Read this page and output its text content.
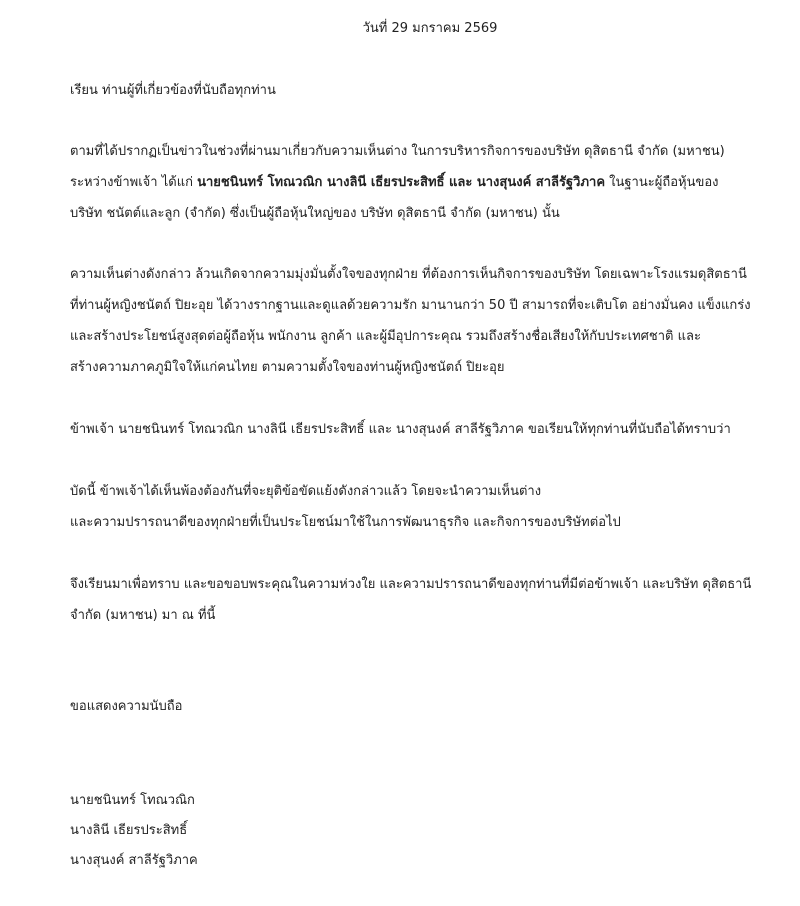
วันที่ 29 มกราคม 2569
เรียน ท่านผู้ที่เกี่ยวข้องที่นับถือทุกท่าน
ตามที่ได้ปรากฏเป็นข่าวในช่วงที่ผ่านมาเกี่ยวกับความเห็นต่าง ในการบริหารกิจการของบริษัท ดุสิตธานี จำกัด (มหาชน)
ระหว่างข้าพเจ้า ได้แก่ นายชนินทร์ โทณวณิก นางลินี เธียรประสิทธิ์ และ นางสุนงค์ สาลีรัฐวิภาค ในฐานะผู้ถือหุ้นของ
บริษัท ชนัตต์และลูก (จำกัด) ซึ่งเป็นผู้ถือหุ้นใหญ่ของ บริษัท ดุสิตธานี จำกัด (มหาชน) นั้น
ความเห็นต่างดังกล่าว ล้วนเกิดจากความมุ่งมั่นตั้งใจของทุกฝ่าย ที่ต้องการเห็นกิจการของบริษัท โดยเฉพาะโรงแรมดุสิตธานี
ที่ท่านผู้หญิงชนัตถ์ ปิยะอุย ได้วางรากฐานและดูแลด้วยความรัก มานานกว่า 50 ปี สามารถที่จะเติบโต อย่างมั่นคง แข็งแกร่ง
และสร้างประโยชน์สูงสุดต่อผู้ถือหุ้น พนักงาน ลูกค้า และผู้มีอุปการะคุณ รวมถึงสร้างชื่อเสียงให้กับประเทศชาติ และ
สร้างความภาคภูมิใจให้แก่คนไทย ตามความตั้งใจของท่านผู้หญิงชนัตถ์ ปิยะอุย
ข้าพเจ้า นายชนินทร์ โทณวณิก นางลินี เธียรประสิทธิ์ และ นางสุนงค์ สาลีรัฐวิภาค ขอเรียนให้ทุกท่านที่นับถือได้ทราบว่า
บัดนี้ ข้าพเจ้าได้เห็นพ้องต้องกันที่จะยุติข้อขัดแย้งดังกล่าวแล้ว โดยจะนำความเห็นต่าง
และความปรารถนาดีของทุกฝ่ายที่เป็นประโยชน์มาใช้ในการพัฒนาธุรกิจ และกิจการของบริษัทต่อไป
จึงเรียนมาเพื่อทราบ และขอขอบพระคุณในความห่วงใย และความปรารถนาดีของทุกท่านที่มีต่อข้าพเจ้า และบริษัท ดุสิตธานี
จำกัด (มหาชน) มา ณ ที่นี้
ขอแสดงความนับถือ
นายชนินทร์ โทณวณิก
นางลินี เธียรประสิทธิ์
นางสุนงค์ สาลีรัฐวิภาค
